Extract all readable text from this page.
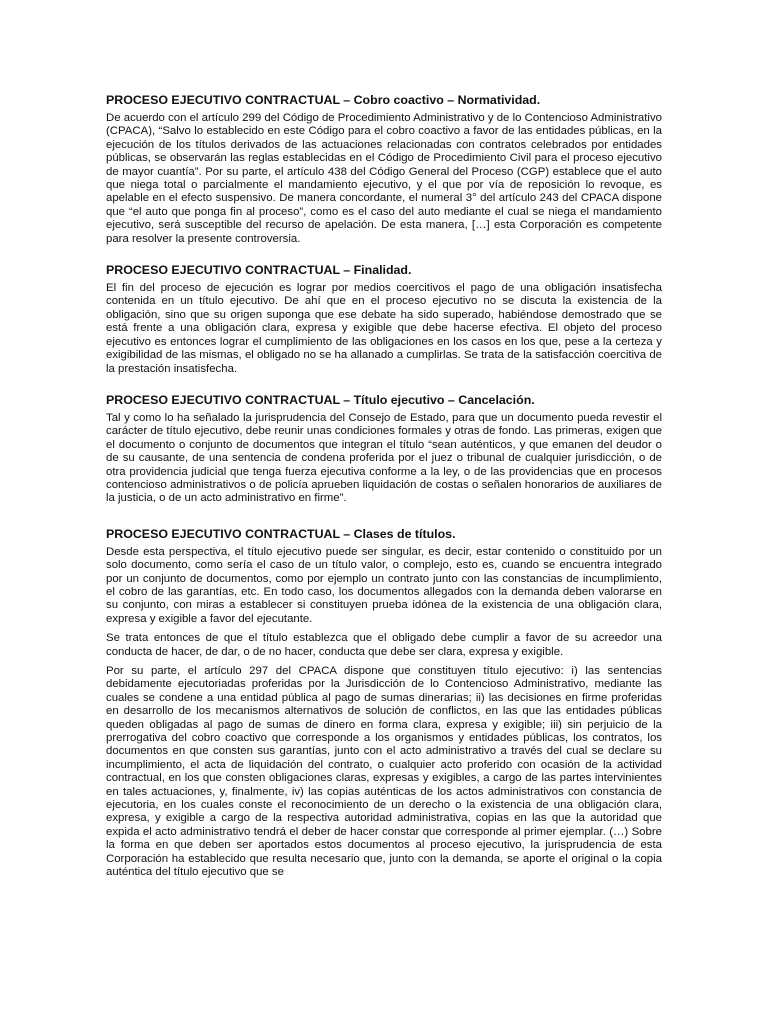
PROCESO EJECUTIVO CONTRACTUAL – Cobro coactivo – Normatividad.

De acuerdo con el artículo 299 del Código de Procedimiento Administrativo y de lo Contencioso Administrativo (CPACA), “Salvo lo establecido en este Código para el cobro coactivo a favor de las entidades públicas, en la ejecución de los títulos derivados de las actuaciones relacionadas con contratos celebrados por entidades públicas, se observarán las reglas establecidas en el Código de Procedimiento Civil para el proceso ejecutivo de mayor cuantía”. Por su parte, el artículo 438 del Código General del Proceso (CGP) establece que el auto que niega total o parcialmente el mandamiento ejecutivo, y el que por vía de reposición lo revoque, es apelable en el efecto suspensivo. De manera concordante, el numeral 3° del artículo 243 del CPACA dispone que “el auto que ponga fin al proceso”, como es el caso del auto mediante el cual se niega el mandamiento ejecutivo, será susceptible del recurso de apelación. De esta manera, […] esta Corporación es competente para resolver la presente controversia.

PROCESO EJECUTIVO CONTRACTUAL – Finalidad.

El fin del proceso de ejecución es lograr por medios coercitivos el pago de una obligación insatisfecha contenida en un título ejecutivo. De ahí que en el proceso ejecutivo no se discuta la existencia de la obligación, sino que su origen suponga que ese debate ha sido superado, habiéndose demostrado que se está frente a una obligación clara, expresa y exigible que debe hacerse efectiva. El objeto del proceso ejecutivo es entonces lograr el cumplimiento de las obligaciones en los casos en los que, pese a la certeza y exigibilidad de las mismas, el obligado no se ha allanado a cumplirlas. Se trata de la satisfacción coercitiva de la prestación insatisfecha.

PROCESO EJECUTIVO CONTRACTUAL – Título ejecutivo – Cancelación.

Tal y como lo ha señalado la jurisprudencia del Consejo de Estado, para que un documento pueda revestir el carácter de título ejecutivo, debe reunir unas condiciones formales y otras de fondo. Las primeras, exigen que el documento o conjunto de documentos que integran el título “sean auténticos, y que emanen del deudor o de su causante, de una sentencia de condena proferida por el juez o tribunal de cualquier jurisdicción, o de otra providencia judicial que tenga fuerza ejecutiva conforme a la ley, o de las providencias que en procesos contencioso administrativos o de policía aprueben liquidación de costas o señalen honorarios de auxiliares de la justicia, o de un acto administrativo en firme”.

PROCESO EJECUTIVO CONTRACTUAL – Clases de títulos.

Desde esta perspectiva, el título ejecutivo puede ser singular, es decir, estar contenido o constituido por un solo documento, como sería el caso de un título valor, o complejo, esto es, cuando se encuentra integrado por un conjunto de documentos, como por ejemplo un contrato junto con las constancias de incumplimiento, el cobro de las garantías, etc. En todo caso, los documentos allegados con la demanda deben valorarse en su conjunto, con miras a establecer si constituyen prueba idónea de la existencia de una obligación clara, expresa y exigible a favor del ejecutante.

Se trata entonces de que el título establezca que el obligado debe cumplir a favor de su acreedor una conducta de hacer, de dar, o de no hacer, conducta que debe ser clara, expresa y exigible.

Por su parte, el artículo 297 del CPACA dispone que constituyen título ejecutivo: i) las sentencias debidamente ejecutoriadas proferidas por la Jurisdicción de lo Contencioso Administrativo, mediante las cuales se condene a una entidad pública al pago de sumas dinerarias; ii) las decisiones en firme proferidas en desarrollo de los mecanismos alternativos de solución de conflictos, en las que las entidades públicas queden obligadas al pago de sumas de dinero en forma clara, expresa y exigible; iii) sin perjuicio de la prerrogativa del cobro coactivo que corresponde a los organismos y entidades públicas, los contratos, los documentos en que consten sus garantías, junto con el acto administrativo a través del cual se declare su incumplimiento, el acta de liquidación del contrato, o cualquier acto proferido con ocasión de la actividad contractual, en los que consten obligaciones claras, expresas y exigibles, a cargo de las partes intervinientes en tales actuaciones, y, finalmente, iv) las copias auténticas de los actos administrativos con constancia de ejecutoria, en los cuales conste el reconocimiento de un derecho o la existencia de una obligación clara, expresa, y exigible a cargo de la respectiva autoridad administrativa, copias en las que la autoridad que expida el acto administrativo tendrá el deber de hacer constar que corresponde al primer ejemplar. (…) Sobre la forma en que deben ser aportados estos documentos al proceso ejecutivo, la jurisprudencia de esta Corporación ha establecido que resulta necesario que, junto con la demanda, se aporte el original o la copia auténtica del título ejecutivo que se
